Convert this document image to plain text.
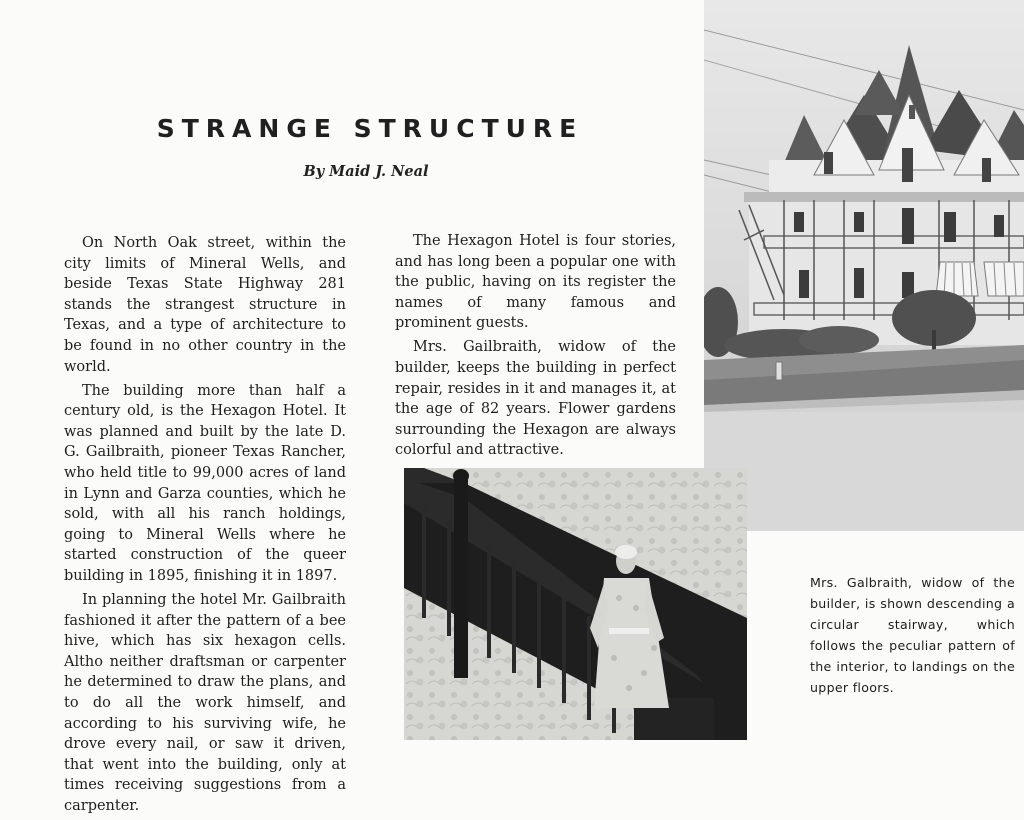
STRANGE STRUCTURE

By Maid J. Neal

On North Oak street, within the city limits of Mineral Wells, and beside Texas State Highway 281 stands the strangest structure in Texas, and a type of architecture to be found in no other country in the world.

The building more than half a century old, is the Hexagon Hotel. It was planned and built by the late D. G. Gailbraith, pioneer Texas Rancher, who held title to 99,000 acres of land in Lynn and Garza counties, which he sold, with all his ranch holdings, going to Mineral Wells where he started construction of the queer building in 1895, finishing it in 1897.

In planning the hotel Mr. Gailbraith fashioned it after the pattern of a bee hive, which has six hexagon cells. Altho neither draftsman or carpenter he determined to draw the plans, and to do all the work himself, and according to his surviving wife, he drove every nail, or saw it driven, that went into the building, only at times receiving suggestions from a carpenter.

The Hexagon Hotel is four stories, and has long been a popular one with the public, having on its register the names of many famous and prominent guests.

Mrs. Gailbraith, widow of the builder, keeps the building in perfect repair, resides in it and manages it, at the age of 82 years. Flower gardens surrounding the Hexagon are always colorful and attractive.

Mrs. Galbraith, widow of the builder, is shown descending a circular stairway, which follows the peculiar pattern of the interior, to landings on the upper floors.
